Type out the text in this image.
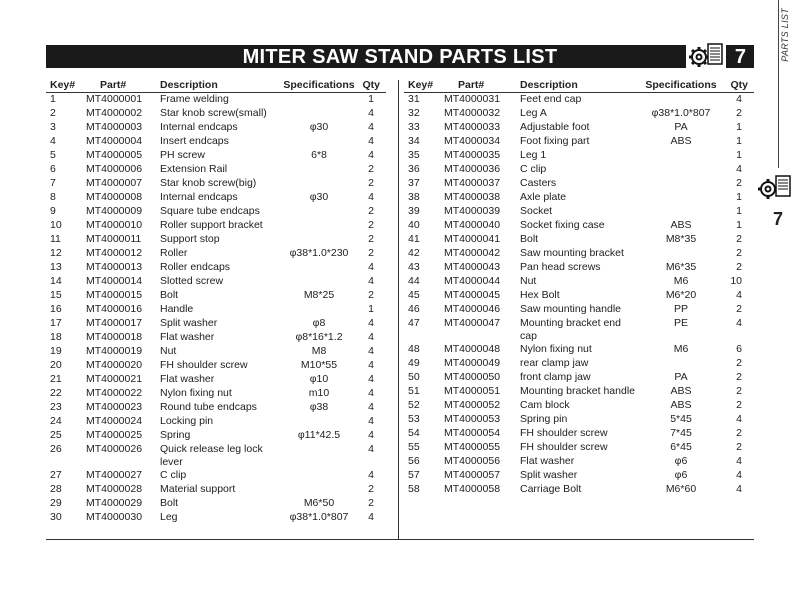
MITER SAW STAND PARTS LIST	7	PARTS LIST
7
Key#	Part#	Description	Specifications	Qty
1	MT4000001	Frame welding		1
2	MT4000002	Star knob screw(small)		4
3	MT4000003	Internal endcaps	φ30	4
4	MT4000004	Insert endcaps		4
5	MT4000005	PH screw	6*8	4
6	MT4000006	Extension Rail		2
7	MT4000007	Star knob screw(big)		2
8	MT4000008	Internal endcaps	φ30	4
9	MT4000009	Square tube endcaps		2
10	MT4000010	Roller support bracket		2
11	MT4000011	Support stop		2
12	MT4000012	Roller	φ38*1.0*230	2
13	MT4000013	Roller endcaps		4
14	MT4000014	Slotted screw		4
15	MT4000015	Bolt	M8*25	2
16	MT4000016	Handle		1
17	MT4000017	Split washer	φ8	4
18	MT4000018	Flat washer	φ8*16*1.2	4
19	MT4000019	Nut	M8	4
20	MT4000020	FH shoulder screw	M10*55	4
21	MT4000021	Flat washer	φ10	4
22	MT4000022	Nylon fixing nut	m10	4
23	MT4000023	Round tube endcaps	φ38	4
24	MT4000024	Locking pin		4
25	MT4000025	Spring	φ11*42.5	4
26	MT4000026	Quick release leg lock lever		4
27	MT4000027	C clip		4
28	MT4000028	Material support		2
29	MT4000029	Bolt	M6*50	2
30	MT4000030	Leg	φ38*1.0*807	4
Key#	Part#	Description	Specifications	Qty
31	MT4000031	Feet end cap		4
32	MT4000032	Leg A	φ38*1.0*807	2
33	MT4000033	Adjustable foot	PA	1
34	MT4000034	Foot fixing part	ABS	1
35	MT4000035	Leg 1		1
36	MT4000036	C clip		4
37	MT4000037	Casters		2
38	MT4000038	Axle plate		1
39	MT4000039	Socket		1
40	MT4000040	Socket fixing case	ABS	1
41	MT4000041	Bolt	M8*35	2
42	MT4000042	Saw mounting bracket		2
43	MT4000043	Pan head screws	M6*35	2
44	MT4000044	Nut	M6	10
45	MT4000045	Hex Bolt	M6*20	4
46	MT4000046	Saw mounting handle	PP	2
47	MT4000047	Mounting bracket end cap	PE	4
48	MT4000048	Nylon fixing nut	M6	6
49	MT4000049	rear clamp jaw		2
50	MT4000050	front clamp jaw	PA	2
51	MT4000051	Mounting bracket handle	ABS	2
52	MT4000052	Cam block	ABS	2
53	MT4000053	Spring pin	5*45	4
54	MT4000054	FH shoulder screw	7*45	2
55	MT4000055	FH shoulder screw	6*45	2
56	MT4000056	Flat washer	φ6	4
57	MT4000057	Split washer	φ6	4
58	MT4000058	Carriage Bolt	M6*60	4
